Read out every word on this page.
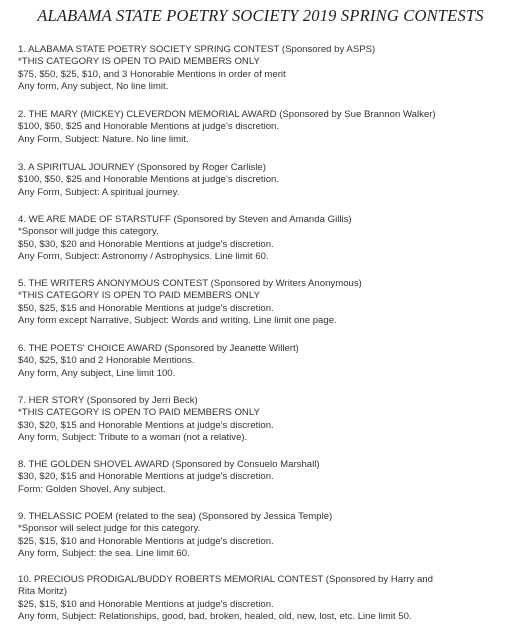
ALABAMA STATE POETRY SOCIETY 2019 SPRING CONTESTS
1. ALABAMA STATE POETRY SOCIETY SPRING CONTEST (Sponsored by ASPS)
*THIS CATEGORY IS OPEN TO PAID MEMBERS ONLY
$75, $50, $25, $10, and 3 Honorable Mentions in order of merit
Any form, Any subject, No line limit.
2. THE MARY (MICKEY) CLEVERDON MEMORIAL AWARD (Sponsored by Sue Brannon Walker)
$100, $50, $25 and Honorable Mentions at judge's discretion.
Any Form, Subject: Nature. No line limit.
3. A SPIRITUAL JOURNEY (Sponsored by Roger Carlisle)
$100, $50, $25 and Honorable Mentions at judge's discretion.
Any Form, Subject: A spiritual journey.
4. WE ARE MADE OF STARSTUFF (Sponsored by Steven and Amanda Gillis)
*Sponsor will judge this category.
$50, $30, $20 and Honorable Mentions at judge's discretion.
Any Form, Subject: Astronomy / Astrophysics. Line limit 60.
5. THE WRITERS ANONYMOUS CONTEST (Sponsored by Writers Anonymous)
*THIS CATEGORY IS OPEN TO PAID MEMBERS ONLY
$50, $25, $15 and Honorable Mentions at judge's discretion.
Any form except Narrative, Subject: Words and writing. Line limit one page.
6. THE POETS' CHOICE AWARD (Sponsored by Jeanette Willert)
$40, $25, $10 and 2 Honorable Mentions.
Any form, Any subject, Line limit 100.
7. HER STORY (Sponsored by Jerri Beck)
*THIS CATEGORY IS OPEN TO PAID MEMBERS ONLY
$30, $20, $15 and Honorable Mentions at judge's discretion.
Any form, Subject: Tribute to a woman (not a relative).
8. THE GOLDEN SHOVEL AWARD (Sponsored by Consuelo Marshall)
$30, $20, $15 and Honorable Mentions at judge's discretion.
Form: Golden Shovel, Any subject.
9. THELASSIC POEM (related to the sea) (Sponsored by Jessica Temple)
*Sponsor will select judge for this category.
$25, $15, $10 and Honorable Mentions at judge's discretion.
Any form, Subject: the sea. Line limit 60.
10. PRECIOUS PRODIGAL/BUDDY ROBERTS MEMORIAL CONTEST (Sponsored by Harry and Rita Moritz)
$25, $15, $10 and Honorable Mentions at judge's discretion.
Any form, Subject: Relationships, good, bad, broken, healed, old, new, lost, etc. Line limit 50.
